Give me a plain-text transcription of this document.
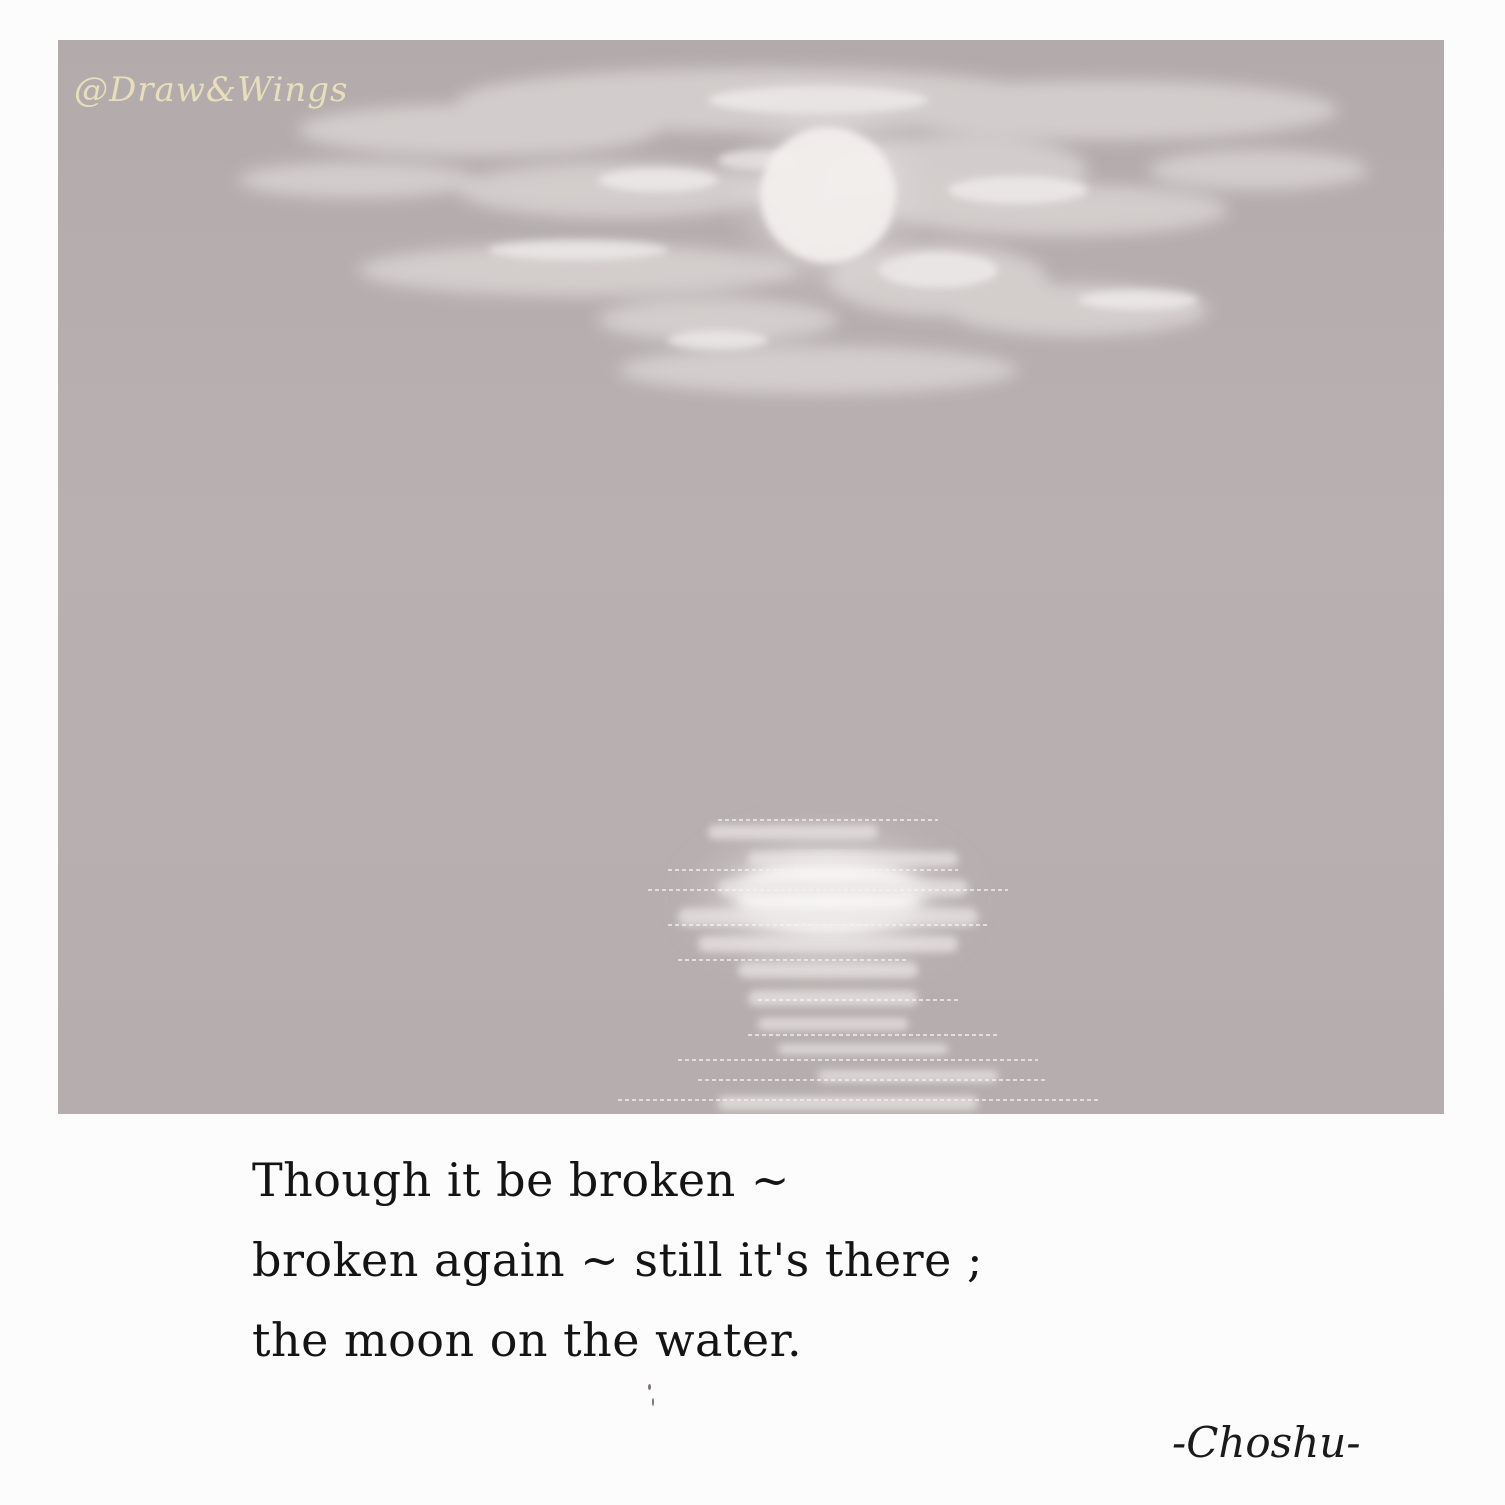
@Draw&Wings
Though it be broken ~
broken again ~ still it's there ;
the moon on the water.
-Choshu-
